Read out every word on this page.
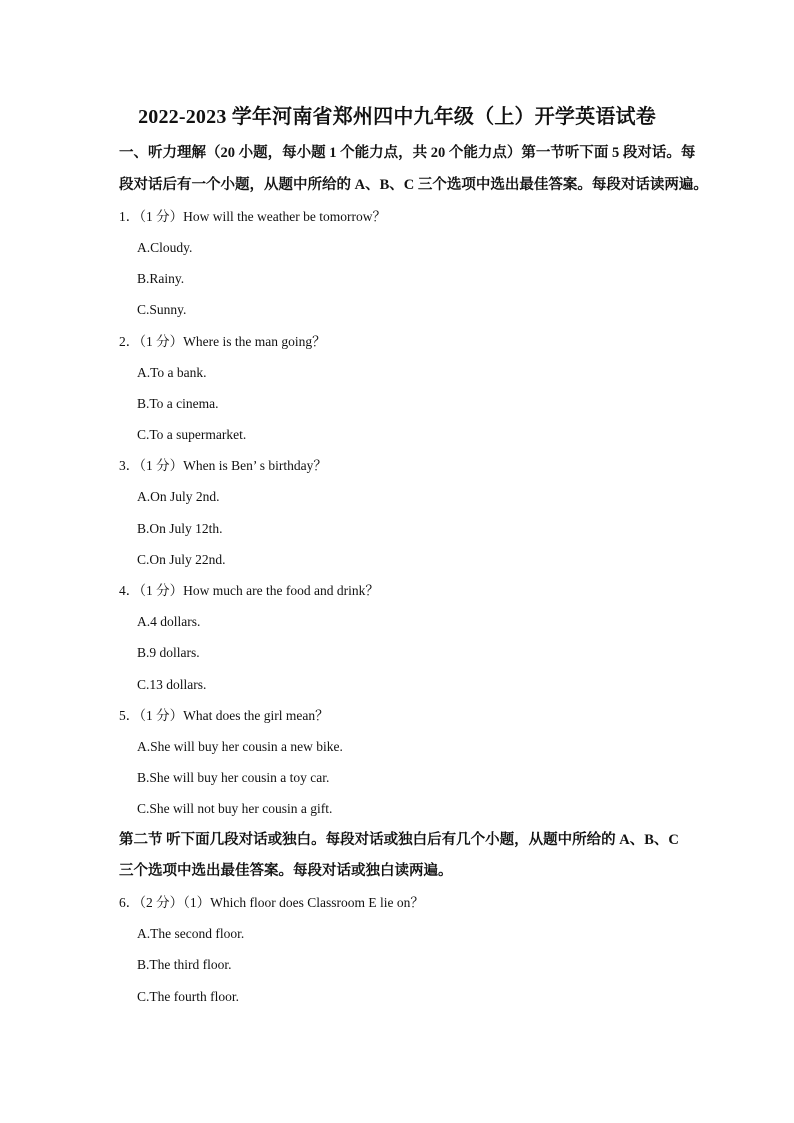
2022-2023 学年河南省郑州四中九年级（上）开学英语试卷
一、听力理解（20 小题，每小题 1 个能力点，共 20 个能力点）第一节听下面 5 段对话。每
段对话后有一个小题，从题中所给的 A、B、C 三个选项中选出最佳答案。每段对话读两遍。
1．（1 分）How will the weather be tomorrow？
A.Cloudy.
B.Rainy.
C.Sunny.
2．（1 分）Where is the man going？
A.To a bank.
B.To a cinema.
C.To a supermarket.
3．（1 分）When is Ben’ s birthday？
A.On July 2nd.
B.On July 12th.
C.On July 22nd.
4．（1 分）How much are the food and drink？
A.4 dollars.
B.9 dollars.
C.13 dollars.
5．（1 分）What does the girl mean？
A.She will buy her cousin a new bike.
B.She will buy her cousin a toy car.
C.She will not buy her cousin a gift.
第二节 听下面几段对话或独白。每段对话或独白后有几个小题，从题中所给的 A、B、C
三个选项中选出最佳答案。每段对话或独白读两遍。
6．（2 分）（1）Which floor does Classroom E lie on？
A.The second floor.
B.The third floor.
C.The fourth floor.
